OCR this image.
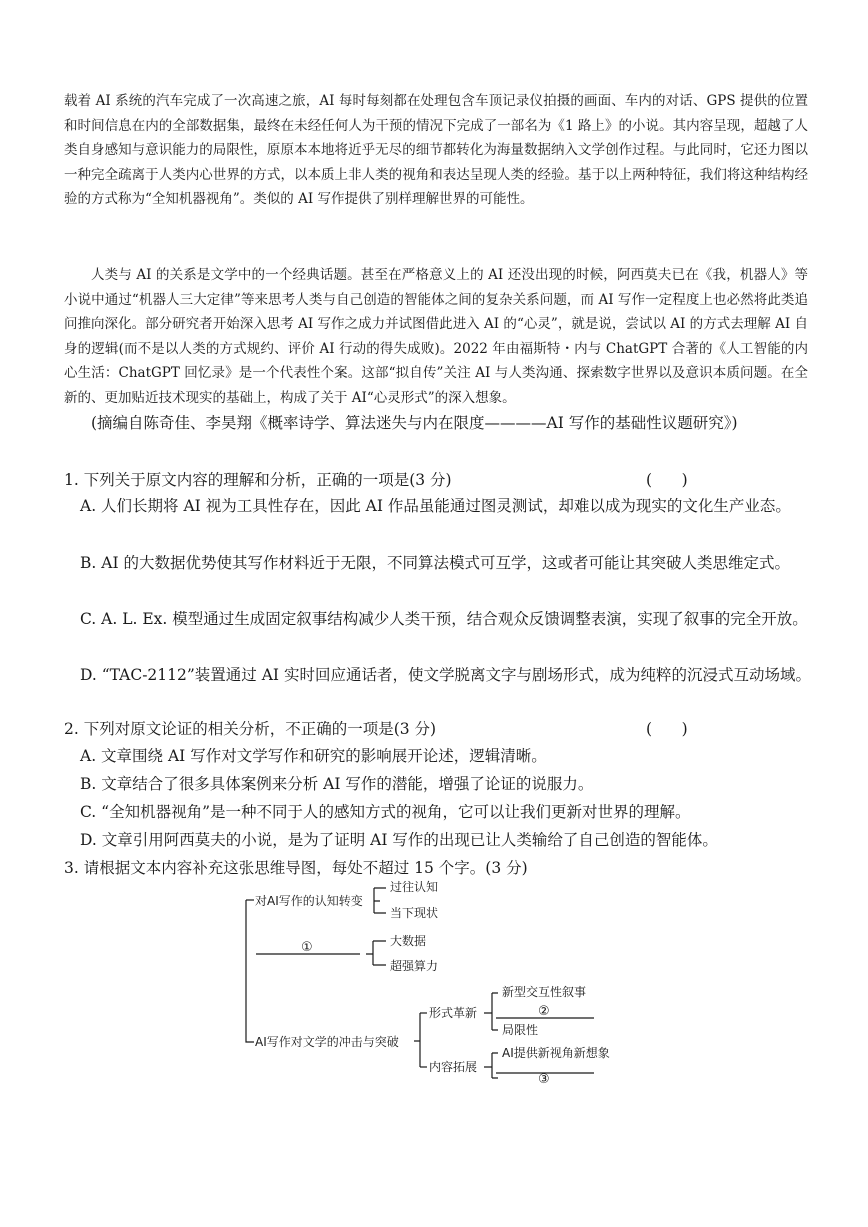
载着 AI 系统的汽车完成了一次高速之旅，AI 每时每刻都在处理包含车顶记录仪拍摄的画面、车内的对话、GPS 提供的位置和时间信息在内的全部数据集，最终在未经任何人为干预的情况下完成了一部名为《1 路上》的小说。其内容呈现，超越了人类自身感知与意识能力的局限性，原原本本地将近乎无尽的细节都转化为海量数据纳入文学创作过程。与此同时，它还力图以一种完全疏离于人类内心世界的方式，以本质上非人类的视角和表达呈现人类的经验。基于以上两种特征，我们将这种结构经验的方式称为“全知机器视角”。类似的 AI 写作提供了别样理解世界的可能性。

人类与 AI 的关系是文学中的一个经典话题。甚至在严格意义上的 AI 还没出现的时候，阿西莫夫已在《我，机器人》等小说中通过“机器人三大定律”等来思考人类与自己创造的智能体之间的复杂关系问题，而 AI 写作一定程度上也必然将此类追问推向深化。部分研究者开始深入思考 AI 写作之成力并试图借此进入 AI 的“心灵”，就是说，尝试以 AI 的方式去理解 AI 自身的逻辑(而不是以人类的方式规约、评价 AI 行动的得失成败)。2022 年由福斯特・内与 ChatGPT 合著的《人工智能的内心生活：ChatGPT 回忆录》是一个代表性个案。这部“拟自传”关注 AI 与人类沟通、探索数字世界以及意识本质问题。在全新的、更加贴近技术现实的基础上，构成了关于 AI“心灵形式”的深入想象。

(摘编自陈奇佳、李昊翔《概率诗学、算法迷失与内在限度————AI 写作的基础性议题研究》)

1. 下列关于原文内容的理解和分析，正确的一项是(3 分)	(      )

A. 人们长期将 AI 视为工具性存在，因此 AI 作品虽能通过图灵测试，却难以成为现实的文化生产业态。

B. AI 的大数据优势使其写作材料近于无限，不同算法模式可互学，这或者可能让其突破人类思维定式。

C. A. L. Ex. 模型通过生成固定叙事结构减少人类干预，结合观众反馈调整表演，实现了叙事的完全开放。

D. “TAC-2112”装置通过 AI 实时回应通话者，使文学脱离文字与剧场形式，成为纯粹的沉浸式互动场域。

2. 下列对原文论证的相关分析，不正确的一项是(3 分)	(      )

A. 文章围绕 AI 写作对文学写作和研究的影响展开论述，逻辑清晰。

B. 文章结合了很多具体案例来分析 AI 写作的潜能，增强了论证的说服力。

C. “全知机器视角”是一种不同于人的感知方式的视角，它可以让我们更新对世界的理解。

D. 文章引用阿西莫夫的小说，是为了证明 AI 写作的出现已让人类输给了自己创造的智能体。

3. 请根据文本内容补充这张思维导图，每处不超过 15 个字。(3 分)

对AI写作的认知转变
过往认知
当下现状
①	大数据
超强算力
AI写作对文学的冲击与突破
形式革新
新型交互性叙事
②
局限性
内容拓展
AI提供新视角新想象
③
